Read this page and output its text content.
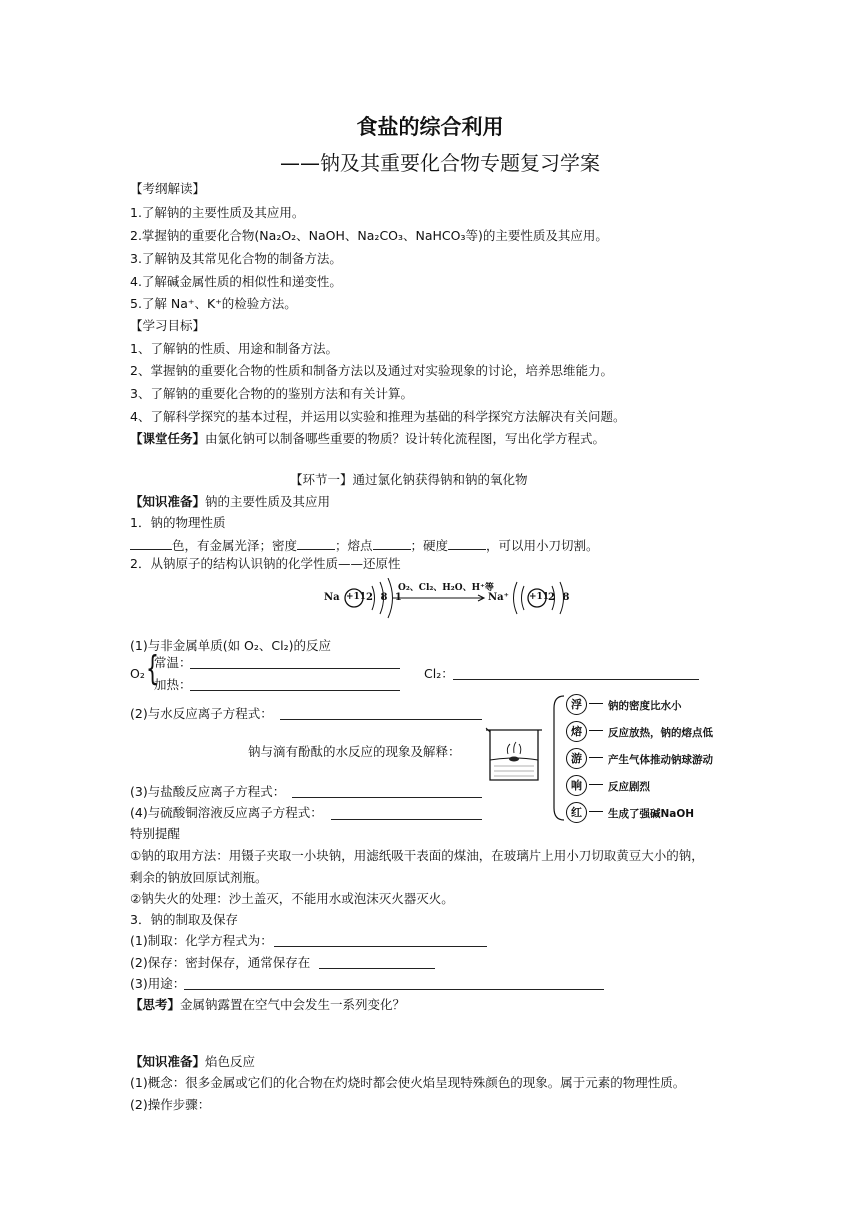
食盐的综合利用
——钠及其重要化合物专题复习学案
【考纲解读】
1.了解钠的主要性质及其应用。
2.掌握钠的重要化合物(Na₂O₂、NaOH、Na₂CO₃、NaHCO₃等)的主要性质及其应用。
3.了解钠及其常见化合物的制备方法。
4.了解碱金属性质的相似性和递变性。
5.了解 Na⁺、K⁺的检验方法。
【学习目标】
1、了解钠的性质、用途和制备方法。
2、掌握钠的重要化合物的性质和制备方法以及通过对实验现象的讨论，培养思维能力。
3、了解钠的重要化合物的的鉴别方法和有关计算。
4、了解科学探究的基本过程，并运用以实验和推理为基础的科学探究方法解决有关问题。
【课堂任务】由氯化钠可以制备哪些重要的物质？设计转化流程图，写出化学方程式。
【环节一】通过氯化钠获得钠和钠的氧化物
【知识准备】钠的主要性质及其应用
1．钠的物理性质
色，有金属光泽；密度	；熔点	；硬度	，可以用小刀切割。
2．从钠原子的结构认识钠的化学性质——还原性
Na +11 2 8 1
O₂、Cl₂、H₂O、H⁺等
Na⁺ +11
2 8
(1)与非金属单质(如 O₂、Cl₂)的反应
O₂ {
常温：
加热：
Cl₂：
(2)与水反应离子方程式：
钠与滴有酚酞的水反应的现象及解释：
浮	钠的密度比水小
熔	反应放热，钠的熔点低
游	产生气体推动钠球游动
响	反应剧烈
红	生成了强碱NaOH
(3)与盐酸反应离子方程式：
(4)与硫酸铜溶液反应离子方程式：
特别提醒
①钠的取用方法：用镊子夹取一小块钠，用滤纸吸干表面的煤油，在玻璃片上用小刀切取黄豆大小的钠，
剩余的钠放回原试剂瓶。
②钠失火的处理：沙土盖灭，不能用水或泡沫灭火器灭火。
3．钠的制取及保存
(1)制取：化学方程式为：
(2)保存：密封保存，通常保存在
(3)用途：
【思考】金属钠露置在空气中会发生一系列变化？
【知识准备】焰色反应
(1)概念：很多金属或它们的化合物在灼烧时都会使火焰呈现特殊颜色的现象。属于元素的物理性质。
(2)操作步骤：
